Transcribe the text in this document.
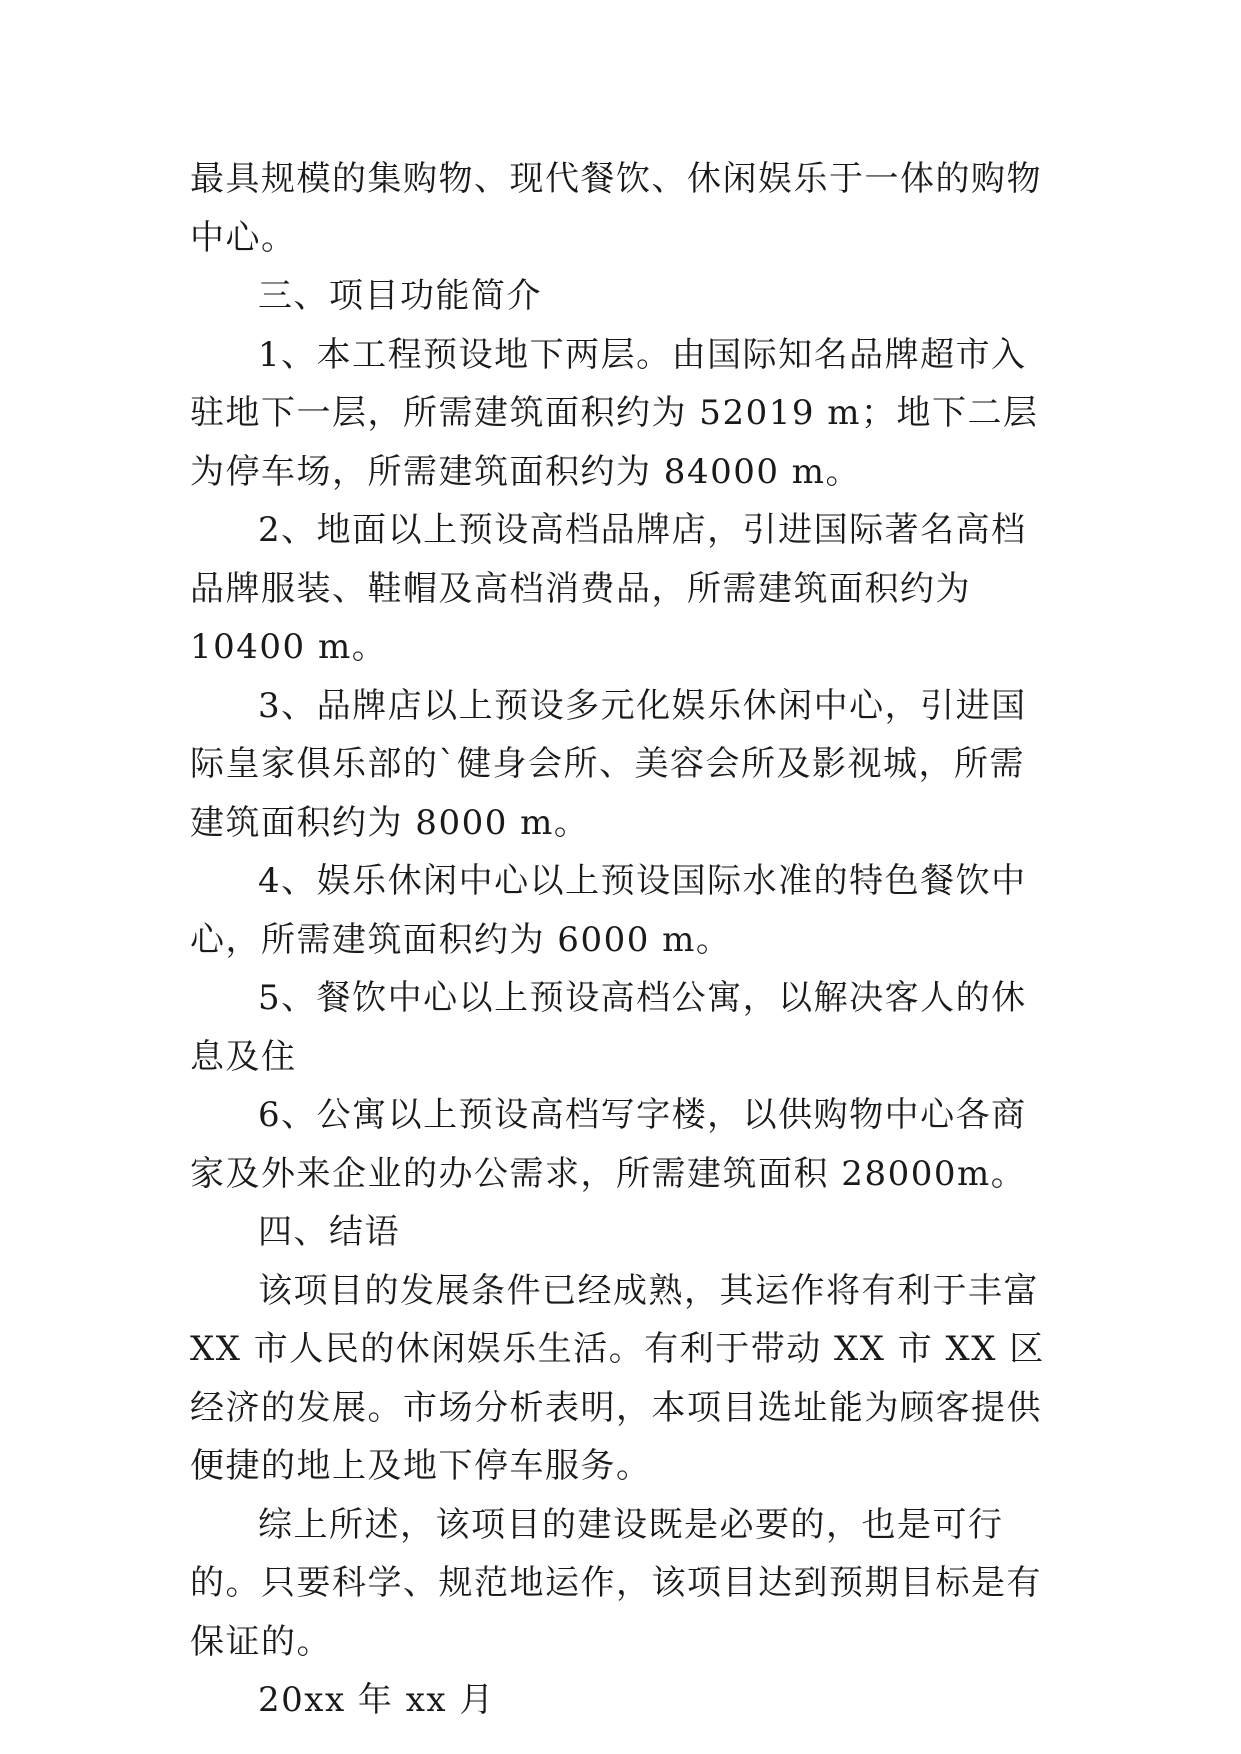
最具规模的集购物、现代餐饮、休闲娱乐于一体的购物中心。

三、项目功能简介

1、本工程预设地下两层。由国际知名品牌超市入驻地下一层，所需建筑面积约为 52019 m；地下二层为停车场，所需建筑面积约为 84000 m。

2、地面以上预设高档品牌店，引进国际著名高档品牌服装、鞋帽及高档消费品，所需建筑面积约为 10400 m。

3、品牌店以上预设多元化娱乐休闲中心，引进国际皇家俱乐部的`健身会所、美容会所及影视城，所需建筑面积约为 8000 m。

4、娱乐休闲中心以上预设国际水准的特色餐饮中心，所需建筑面积约为 6000 m。

5、餐饮中心以上预设高档公寓，以解决客人的休息及住

6、公寓以上预设高档写字楼，以供购物中心各商家及外来企业的办公需求，所需建筑面积 28000m。

四、结语

该项目的发展条件已经成熟，其运作将有利于丰富 XX 市人民的休闲娱乐生活。有利于带动 XX 市 XX 区经济的发展。市场分析表明，本项目选址能为顾客提供便捷的地上及地下停车服务。

综上所述，该项目的建设既是必要的，也是可行的。只要科学、规范地运作，该项目达到预期目标是有保证的。

20xx 年 xx 月
